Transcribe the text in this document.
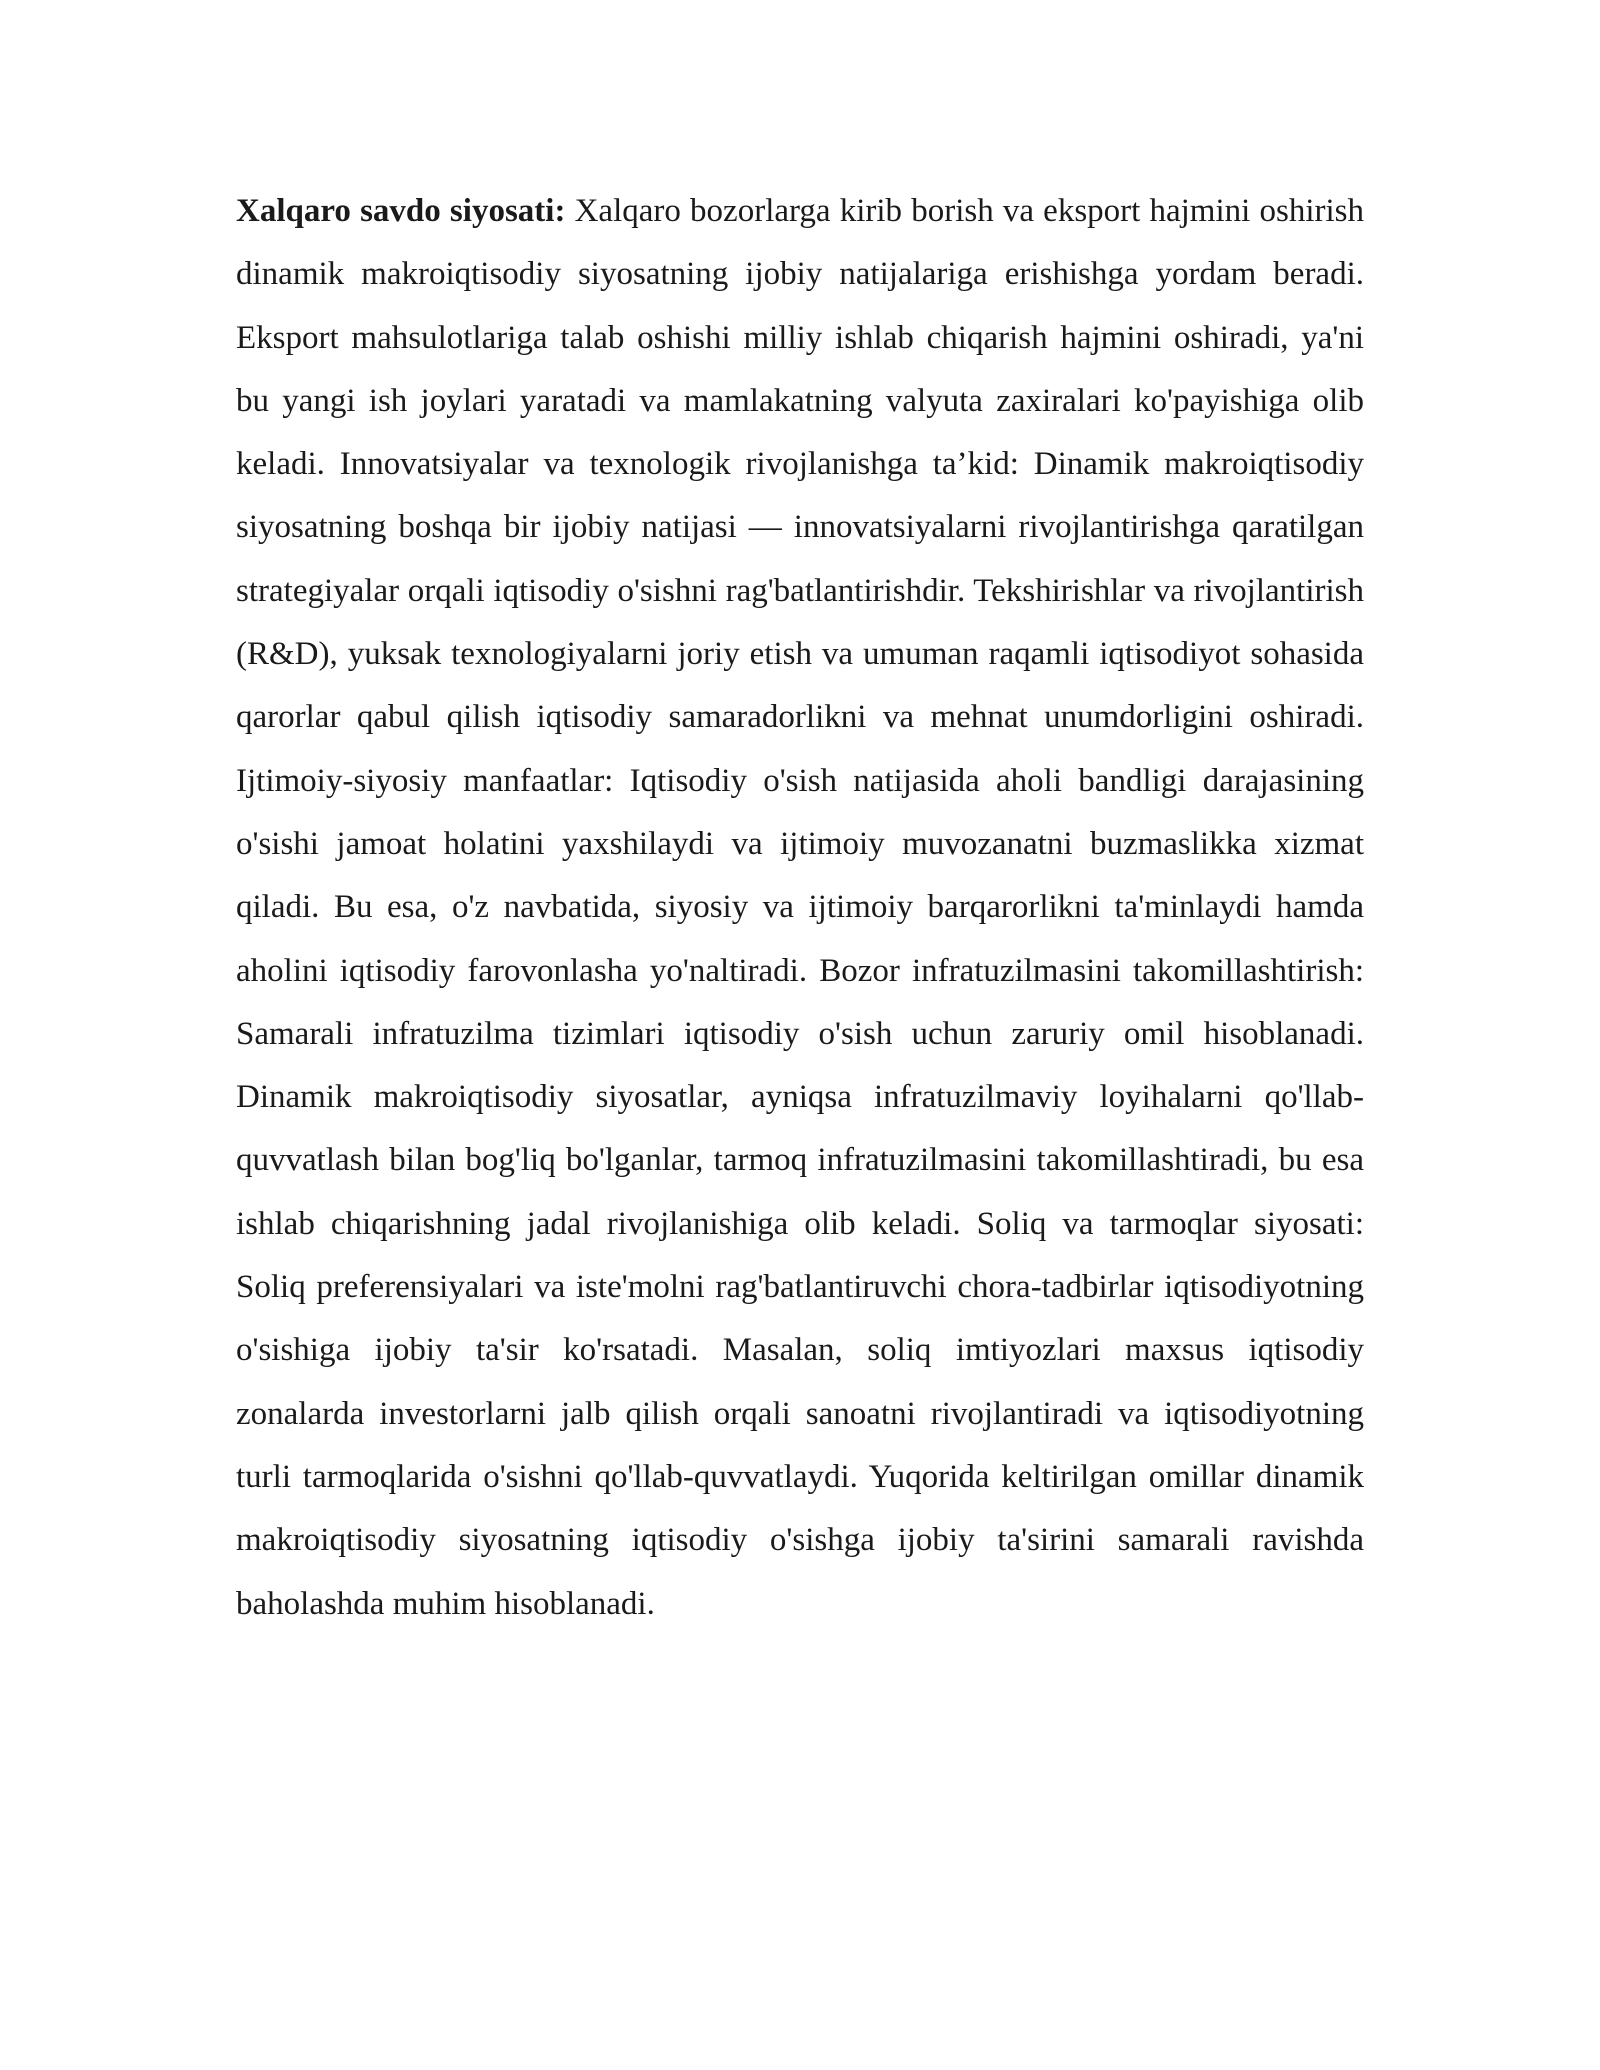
Xalqaro savdo siyosati: Xalqaro bozorlarga kirib borish va eksport hajmini oshirish dinamik makroiqtisodiy siyosatning ijobiy natijalariga erishishga yordam beradi. Eksport mahsulotlariga talab oshishi milliy ishlab chiqarish hajmini oshiradi, ya'ni bu yangi ish joylari yaratadi va mamlakatning valyuta zaxiralari ko'payishiga olib keladi. Innovatsiyalar va texnologik rivojlanishga ta’kid: Dinamik makroiqtisodiy siyosatning boshqa bir ijobiy natijasi — innovatsiyalarni rivojlantirishga qaratilgan strategiyalar orqali iqtisodiy o'sishni rag'batlantirishdir. Tekshirishlar va rivojlantirish (R&D), yuksak texnologiyalarni joriy etish va umuman raqamli iqtisodiyot sohasida qarorlar qabul qilish iqtisodiy samaradorlikni va mehnat unumdorligini oshiradi. Ijtimoiy-siyosiy manfaatlar: Iqtisodiy o'sish natijasida aholi bandligi darajasining o'sishi jamoat holatini yaxshilaydi va ijtimoiy muvozanatni buzmaslikka xizmat qiladi. Bu esa, o'z navbatida, siyosiy va ijtimoiy barqarorlikni ta'minlaydi hamda aholini iqtisodiy farovonlasha yo'naltiradi. Bozor infratuzilmasini takomillashtirish: Samarali infratuzilma tizimlari iqtisodiy o'sish uchun zaruriy omil hisoblanadi. Dinamik makroiqtisodiy siyosatlar, ayniqsa infratuzilmaviy loyihalarni qo'llab-quvvatlash bilan bog'liq bo'lganlar, tarmoq infratuzilmasini takomillashtiradi, bu esa ishlab chiqarishning jadal rivojlanishiga olib keladi. Soliq va tarmoqlar siyosati: Soliq preferensiyalari va iste'molni rag'batlantiruvchi chora-tadbirlar iqtisodiyotning o'sishiga ijobiy ta'sir ko'rsatadi. Masalan, soliq imtiyozlari maxsus iqtisodiy zonalarda investorlarni jalb qilish orqali sanoatni rivojlantiradi va iqtisodiyotning turli tarmoqlarida o'sishni qo'llab-quvvatlaydi. Yuqorida keltirilgan omillar dinamik makroiqtisodiy siyosatning iqtisodiy o'sishga ijobiy ta'sirini samarali ravishda baholashda muhim hisoblanadi.
